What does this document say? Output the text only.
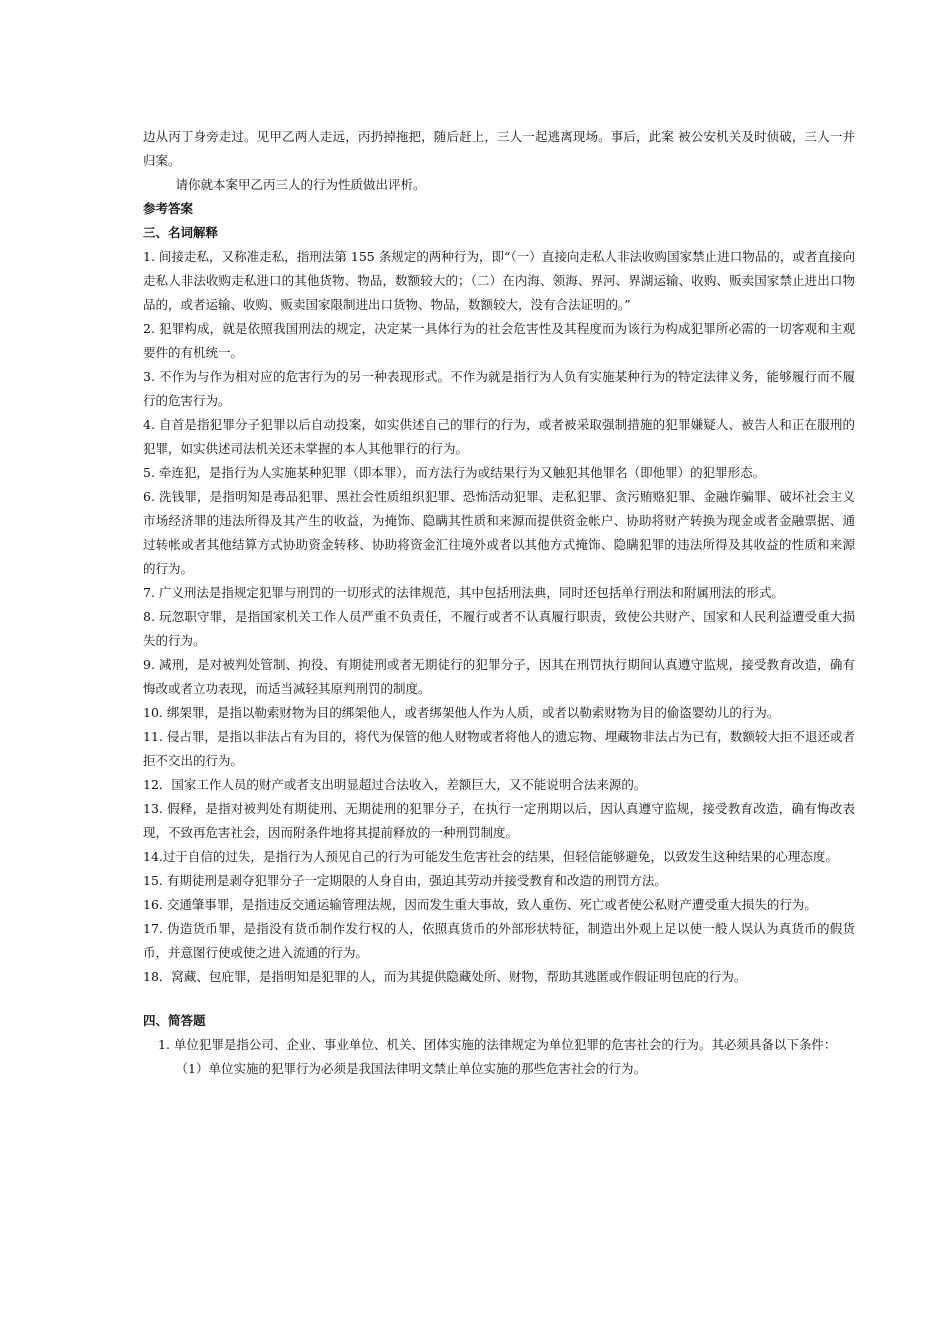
边从丙丁身旁走过。见甲乙两人走远，丙扔掉拖把，随后赶上，三人一起逃离现场。事后，此案 被公安机关及时侦破，三人一并归案。

请你就本案甲乙丙三人的行为性质做出评析。

参考答案

三、名词解释

1. 间接走私，又称准走私，指刑法第 155 条规定的两种行为，即“（一）直接向走私人非法收购国家禁止进口物品的，或者直接向走私人非法收购走私进口的其他货物、物品，数额较大的；（二）在内海、领海、界河、界湖运输、收购、贩卖国家禁止进出口物品的，或者运输、收购、贩卖国家限制进出口货物、物品，数额较大，没有合法证明的。”

2. 犯罪构成，就是依照我国刑法的规定，决定某一具体行为的社会危害性及其程度而为该行为构成犯罪所必需的一切客观和主观要件的有机统一。

3. 不作为与作为相对应的危害行为的另一种表现形式。不作为就是指行为人负有实施某种行为的特定法律义务，能够履行而不履行的危害行为。

4. 自首是指犯罪分子犯罪以后自动投案，如实供述自己的罪行的行为，或者被采取强制措施的犯罪嫌疑人、被告人和正在服刑的犯罪，如实供述司法机关还未掌握的本人其他罪行的行为。

5. 牵连犯，是指行为人实施某种犯罪（即本罪），而方法行为或结果行为又触犯其他罪名（即他罪）的犯罪形态。

6. 洗钱罪，是指明知是毒品犯罪、黑社会性质组织犯罪、恐怖活动犯罪、走私犯罪、贪污贿赂犯罪、金融诈骗罪、破坏社会主义市场经济罪的违法所得及其产生的收益，为掩饰、隐瞒其性质和来源而提供资金帐户、协助将财产转换为现金或者金融票据、通过转帐或者其他结算方式协助资金转移、协助将资金汇往境外或者以其他方式掩饰、隐瞒犯罪的违法所得及其收益的性质和来源的行为。

7. 广义刑法是指规定犯罪与刑罚的一切形式的法律规范，其中包括刑法典，同时还包括单行刑法和附属刑法的形式。

8. 玩忽职守罪，是指国家机关工作人员严重不负责任，不履行或者不认真履行职责，致使公共财产、国家和人民利益遭受重大损失的行为。

9. 减刑，是对被判处管制、拘役、有期徒刑或者无期徒行的犯罪分子，因其在刑罚执行期间认真遵守监规，接受教育改造，确有悔改或者立功表现，而适当减轻其原判刑罚的制度。

10. 绑架罪，是指以勒索财物为目的绑架他人，或者绑架他人作为人质，或者以勒索财物为目的偷盗婴幼儿的行为。

11. 侵占罪，是指以非法占有为目的，将代为保管的他人财物或者将他人的遗忘物、埋藏物非法占为已有，数额较大拒不退还或者拒不交出的行为。

12．国家工作人员的财产或者支出明显超过合法收入，差额巨大，又不能说明合法来源的。

13. 假释，是指对被判处有期徒刑、无期徒刑的犯罪分子，在执行一定刑期以后，因认真遵守监规，接受教育改造，确有悔改表现，不致再危害社会，因而附条件地将其提前释放的一种刑罚制度。

14.过于自信的过失，是指行为人预见自己的行为可能发生危害社会的结果，但轻信能够避免，以致发生这种结果的心理态度。

15. 有期徒刑是剥夺犯罪分子一定期限的人身自由，强迫其劳动并接受教育和改造的刑罚方法。

16. 交通肇事罪，是指违反交通运输管理法规，因而发生重大事故，致人重伤、死亡或者使公私财产遭受重大损失的行为。

17. 伪造货币罪，是指没有货币制作发行权的人，依照真货币的外部形状特征，制造出外观上足以使一般人误认为真货币的假货币，并意图行使或使之进入流通的行为。

18．窝藏、包庇罪，是指明知是犯罪的人，而为其提供隐藏处所、财物，帮助其逃匿或作假证明包庇的行为。

四、简答题

1. 单位犯罪是指公司、企业、事业单位、机关、团体实施的法律规定为单位犯罪的危害社会的行为。其必须具备以下条件：

（1）单位实施的犯罪行为必须是我国法律明文禁止单位实施的那些危害社会的行为。
